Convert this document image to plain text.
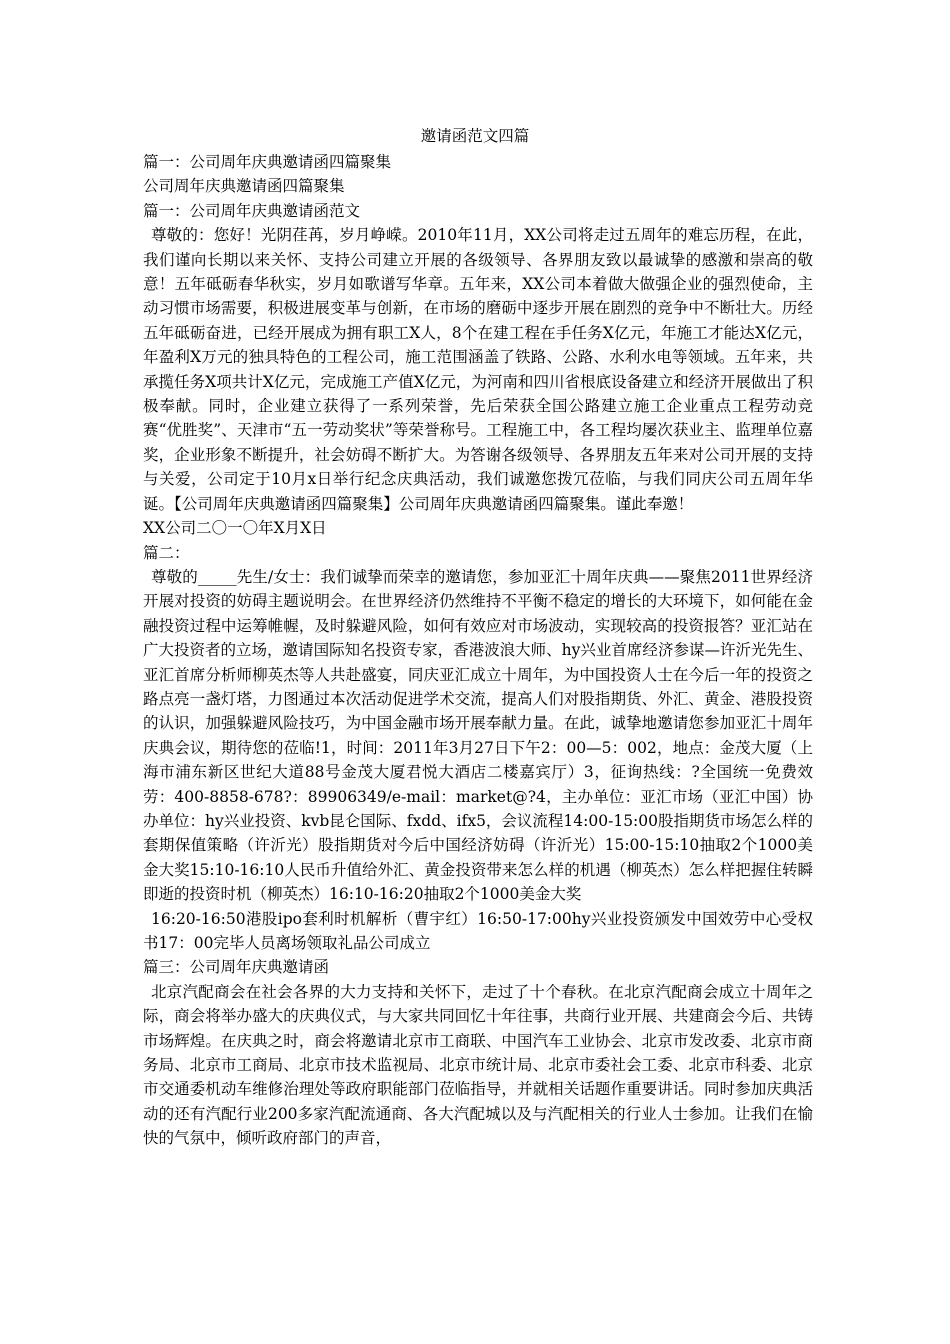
邀请函范文四篇

篇一：公司周年庆典邀请函四篇聚集

公司周年庆典邀请函四篇聚集

篇一：公司周年庆典邀请函范文

尊敬的：您好！光阴荏苒，岁月峥嵘。2010年11月，XX公司将走过五周年的难忘历程，在此，我们谨向长期以来关怀、支持公司建立开展的各级领导、各界朋友致以最诚挚的感激和崇高的敬意！五年砥砺春华秋实，岁月如歌谱写华章。五年来，XX公司本着做大做强企业的强烈使命，主动习惯市场需要，积极进展变革与创新，在市场的磨砺中逐步开展在剧烈的竞争中不断壮大。历经五年砥砺奋进，已经开展成为拥有职工X人，8个在建工程在手任务X亿元，年施工才能达X亿元，年盈利X万元的独具特色的工程公司，施工范围涵盖了铁路、公路、水利水电等领域。五年来，共承揽任务X项共计X亿元，完成施工产值X亿元，为河南和四川省根底设备建立和经济开展做出了积极奉献。同时，企业建立获得了一系列荣誉，先后荣获全国公路建立施工企业重点工程劳动竞赛“优胜奖”、天津市“五一劳动奖状”等荣誉称号。工程施工中，各工程均屡次获业主、监理单位嘉奖，企业形象不断提升，社会妨碍不断扩大。为答谢各级领导、各界朋友五年来对公司开展的支持与关爱，公司定于10月x日举行纪念庆典活动，我们诚邀您拨冗莅临，与我们同庆公司五周年华诞。【公司周年庆典邀请函四篇聚集】公司周年庆典邀请函四篇聚集。谨此奉邀！

XX公司二〇一〇年X月X日

篇二：

尊敬的_____先生/女士：我们诚挚而荣幸的邀请您，参加亚汇十周年庆典——聚焦2011世界经济开展对投资的妨碍主题说明会。在世界经济仍然维持不平衡不稳定的增长的大环境下，如何能在金融投资过程中运筹帷幄，及时躲避风险，如何有效应对市场波动，实现较高的投资报答？亚汇站在广大投资者的立场，邀请国际知名投资专家，香港波浪大师、hy兴业首席经济参谋—许沂光先生、亚汇首席分析师柳英杰等人共赴盛宴，同庆亚汇成立十周年，为中国投资人士在今后一年的投资之路点亮一盏灯塔，力图通过本次活动促进学术交流，提高人们对股指期货、外汇、黄金、港股投资的认识，加强躲避风险技巧，为中国金融市场开展奉献力量。在此，诚挚地邀请您参加亚汇十周年庆典会议，期待您的莅临!1，时间：2011年3月27日下午2：00—5：002，地点：金茂大厦（上海市浦东新区世纪大道88号金茂大厦君悦大酒店二楼嘉宾厅）3，征询热线：?全国统一免费效劳：400-8858-678?：89906349/e-mail：market@?4，主办单位：亚汇市场（亚汇中国）协办单位：hy兴业投资、kvb昆仑国际、fxdd、ifx5，会议流程14:00-15:00股指期货市场怎么样的套期保值策略（许沂光）股指期货对今后中国经济妨碍（许沂光）15:00-15:10抽取2个1000美金大奖15:10-16:10人民币升值给外汇、黄金投资带来怎么样的机遇（柳英杰）怎么样把握住转瞬即逝的投资时机（柳英杰）16:10-16:20抽取2个1000美金大奖

16:20-16:50港股ipo套利时机解析（曹宇红）16:50-17:00hy兴业投资颁发中国效劳中心受权书17：00完毕人员离场领取礼品公司成立

篇三：公司周年庆典邀请函

北京汽配商会在社会各界的大力支持和关怀下，走过了十个春秋。在北京汽配商会成立十周年之际，商会将举办盛大的庆典仪式，与大家共同回忆十年往事，共商行业开展、共建商会今后、共铸市场辉煌。在庆典之时，商会将邀请北京市工商联、中国汽车工业协会、北京市发改委、北京市商务局、北京市工商局、北京市技术监视局、北京市统计局、北京市委社会工委、北京市科委、北京市交通委机动车维修治理处等政府职能部门莅临指导，并就相关话题作重要讲话。同时参加庆典活动的还有汽配行业200多家汽配流通商、各大汽配城以及与汽配相关的行业人士参加。让我们在愉快的气氛中，倾听政府部门的声音，
